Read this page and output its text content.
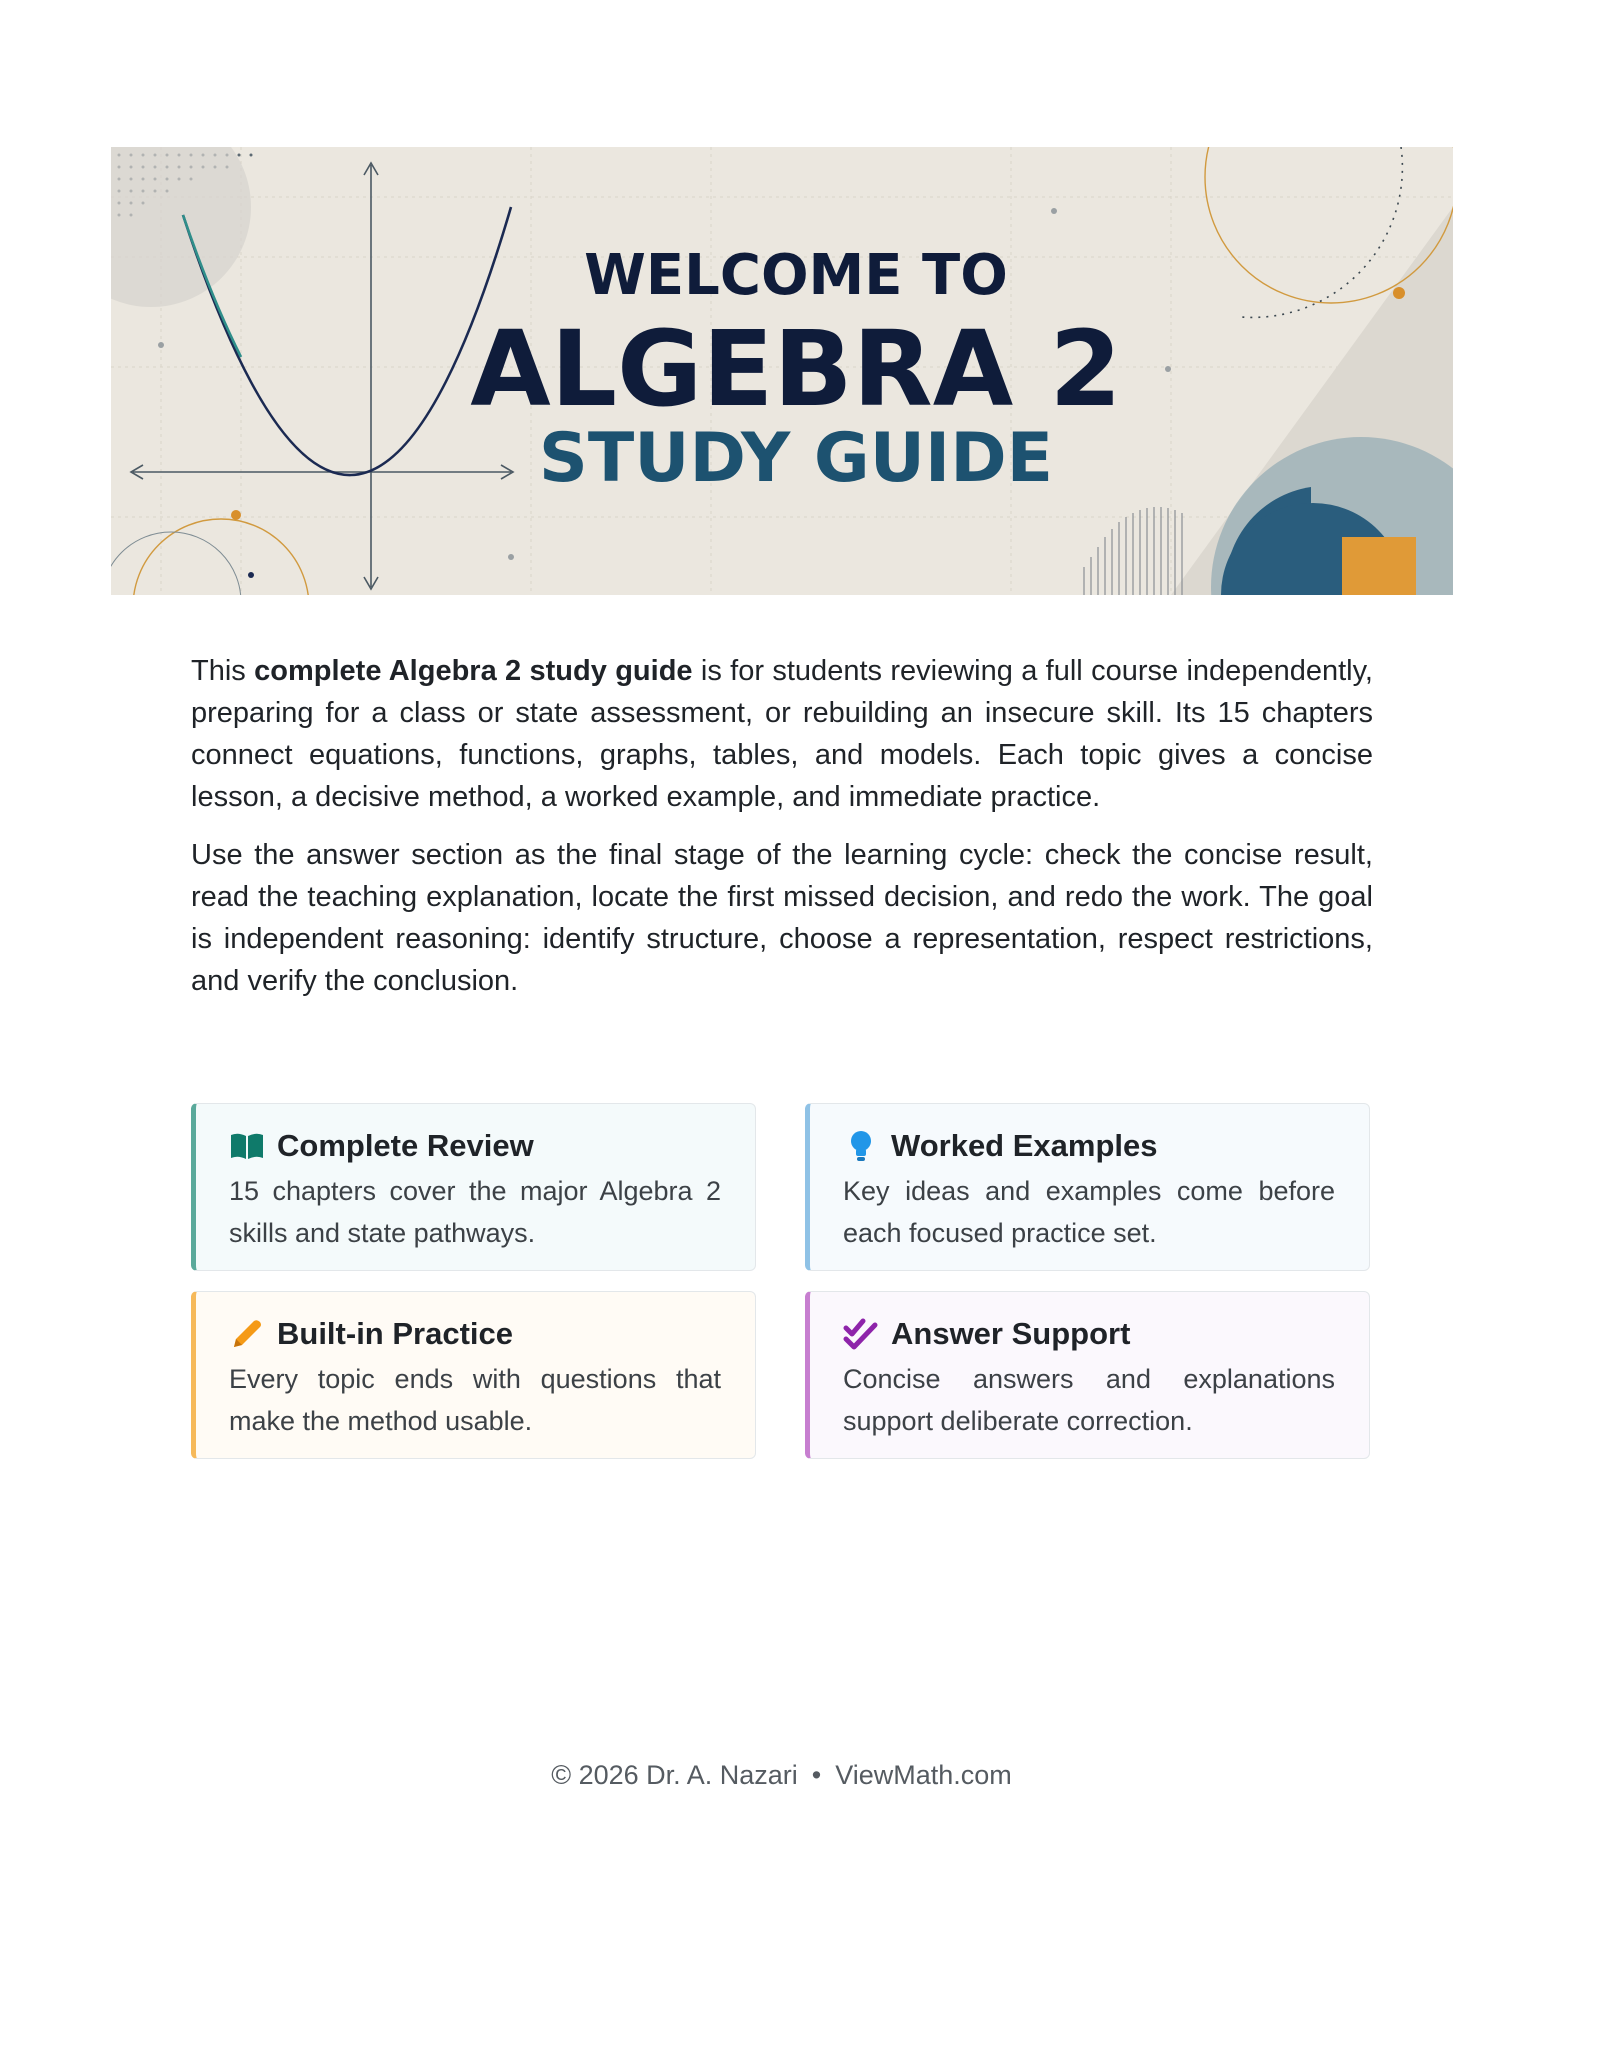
WELCOME TO
ALGEBRA 2
STUDY GUIDE

This complete Algebra 2 study guide is for students reviewing a full course independently, preparing for a class or state assessment, or rebuilding an insecure skill. Its 15 chapters connect equations, functions, graphs, tables, and models. Each topic gives a concise lesson, a decisive method, a worked example, and immediate practice.

Use the answer section as the final stage of the learning cycle: check the concise result, read the teaching explanation, locate the first missed decision, and redo the work. The goal is independent reasoning: identify structure, choose a representation, respect restrictions, and verify the conclusion.

Complete Review
15 chapters cover the major Algebra 2 skills and state pathways.
Worked Examples
Key ideas and examples come before each focused practice set.
Built-in Practice
Every topic ends with questions that make the method usable.
Answer Support
Concise answers and explanations support deliberate correction.
© 2026 Dr. A. Nazari • ViewMath.com
